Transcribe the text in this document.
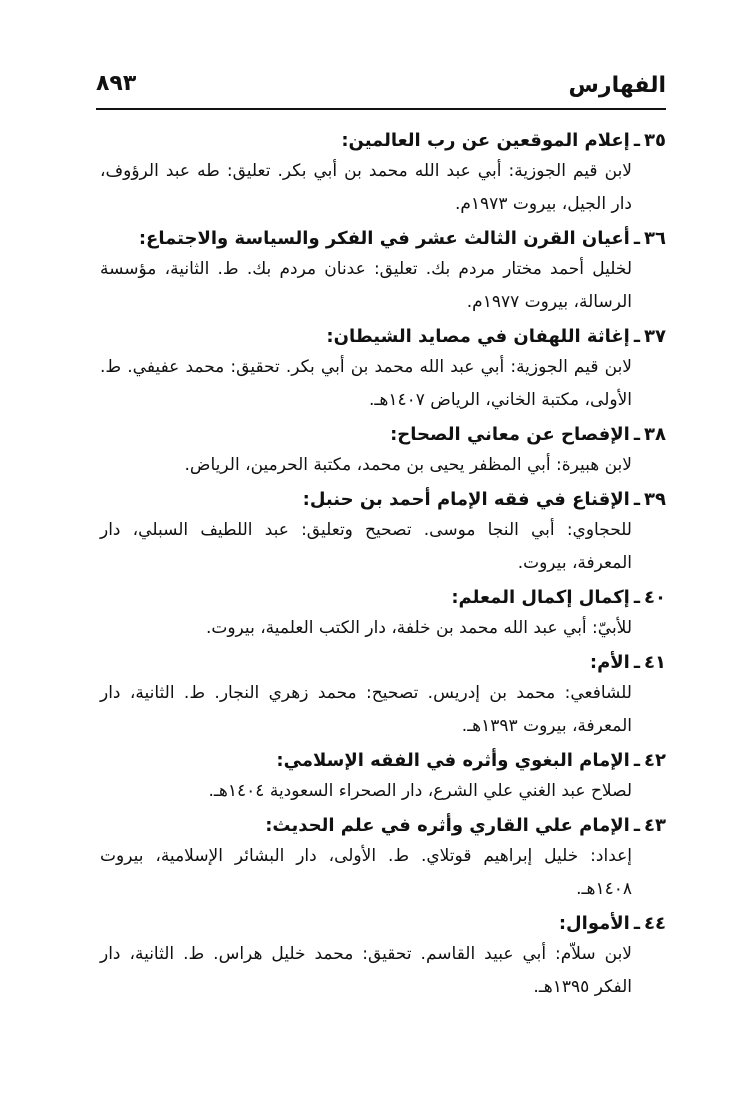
الفهارس
٨٩٣
٣٥ـإعلام الموقعين عن رب العالمين:
لابن قيم الجوزية: أبي عبد الله محمد بن أبي بكر. تعليق: طه عبد الرؤوف، دار الجيل، بيروت ١٩٧٣م.
٣٦ـأعيان القرن الثالث عشر في الفكر والسياسة والاجتماع:
لخليل أحمد مختار مردم بك. تعليق: عدنان مردم بك. ط. الثانية، مؤسسة الرسالة، بيروت ١٩٧٧م.
٣٧ـإغاثة اللهفان في مصايد الشيطان:
لابن قيم الجوزية: أبي عبد الله محمد بن أبي بكر. تحقيق: محمد عفيفي. ط. الأولى، مكتبة الخاني، الرياض ١٤٠٧هـ.
٣٨ـالإفصاح عن معاني الصحاح:
لابن هبيرة: أبي المظفر يحيى بن محمد، مكتبة الحرمين، الرياض.
٣٩ـالإقناع في فقه الإمام أحمد بن حنبل:
للحجاوي: أبي النجا موسى. تصحيح وتعليق: عبد اللطيف السبلي، دار المعرفة، بيروت.
٤٠ـإكمال إكمال المعلم:
للأبيّ: أبي عبد الله محمد بن خلفة، دار الكتب العلمية، بيروت.
٤١ـالأم:
للشافعي: محمد بن إدريس. تصحيح: محمد زهري النجار. ط. الثانية، دار المعرفة، بيروت ١٣٩٣هـ.
٤٢ـالإمام البغوي وأثره في الفقه الإسلامي:
لصلاح عبد الغني علي الشرع، دار الصحراء السعودية ١٤٠٤هـ.
٤٣ـالإمام علي القاري وأثره في علم الحديث:
إعداد: خليل إبراهيم قوتلاي. ط. الأولى، دار البشائر الإسلامية، بيروت ١٤٠٨هـ.
٤٤ـالأموال:
لابن سلاّم: أبي عبيد القاسم. تحقيق: محمد خليل هراس. ط. الثانية، دار الفكر ١٣٩٥هـ.
